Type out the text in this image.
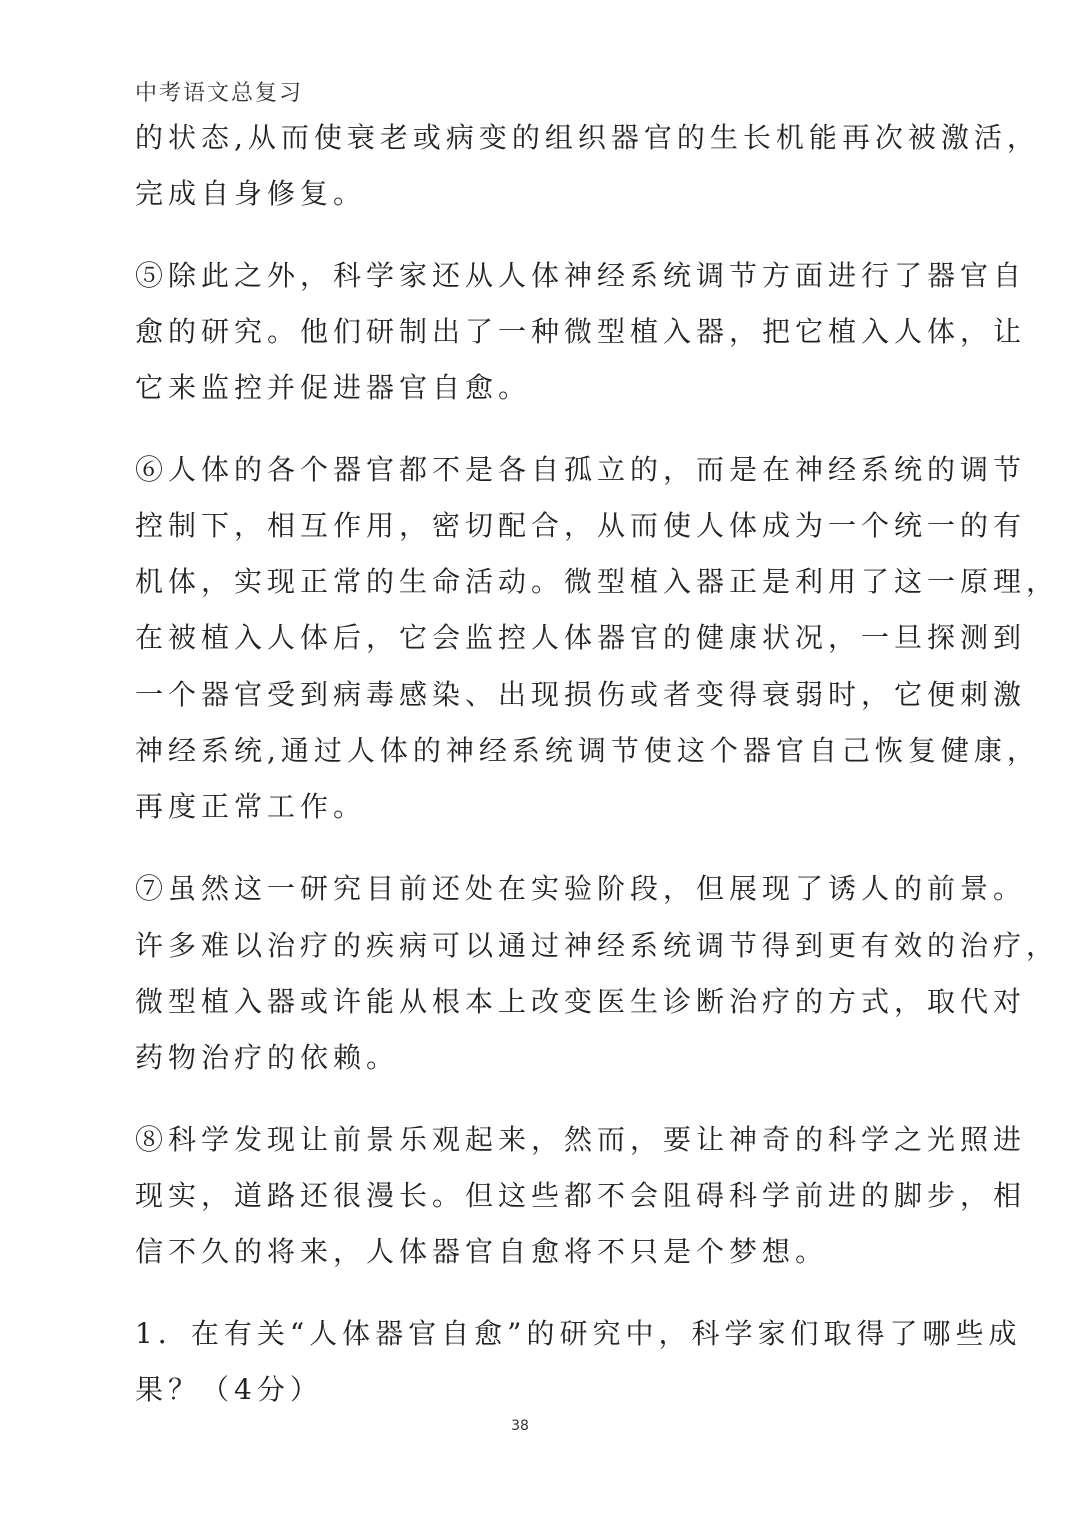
中考语文总复习
的状态,从而使衰老或病变的组织器官的生长机能再次被激活，
完成自身修复。
⑤除此之外，科学家还从人体神经系统调节方面进行了器官自
愈的研究。他们研制出了一种微型植入器，把它植入人体，让
它来监控并促进器官自愈。
⑥人体的各个器官都不是各自孤立的，而是在神经系统的调节
控制下，相互作用，密切配合，从而使人体成为一个统一的有
机体，实现正常的生命活动。微型植入器正是利用了这一原理，
在被植入人体后，它会监控人体器官的健康状况，一旦探测到
一个器官受到病毒感染、出现损伤或者变得衰弱时，它便刺激
神经系统,通过人体的神经系统调节使这个器官自己恢复健康，
再度正常工作。
⑦虽然这一研究目前还处在实验阶段，但展现了诱人的前景。
许多难以治疗的疾病可以通过神经系统调节得到更有效的治疗，
微型植入器或许能从根本上改变医生诊断治疗的方式，取代对
药物治疗的依赖。
⑧科学发现让前景乐观起来，然而，要让神奇的科学之光照进
现实，道路还很漫长。但这些都不会阻碍科学前进的脚步，相
信不久的将来，人体器官自愈将不只是个梦想。
1．在有关“人体器官自愈”的研究中，科学家们取得了哪些成
果？（4分）
38
